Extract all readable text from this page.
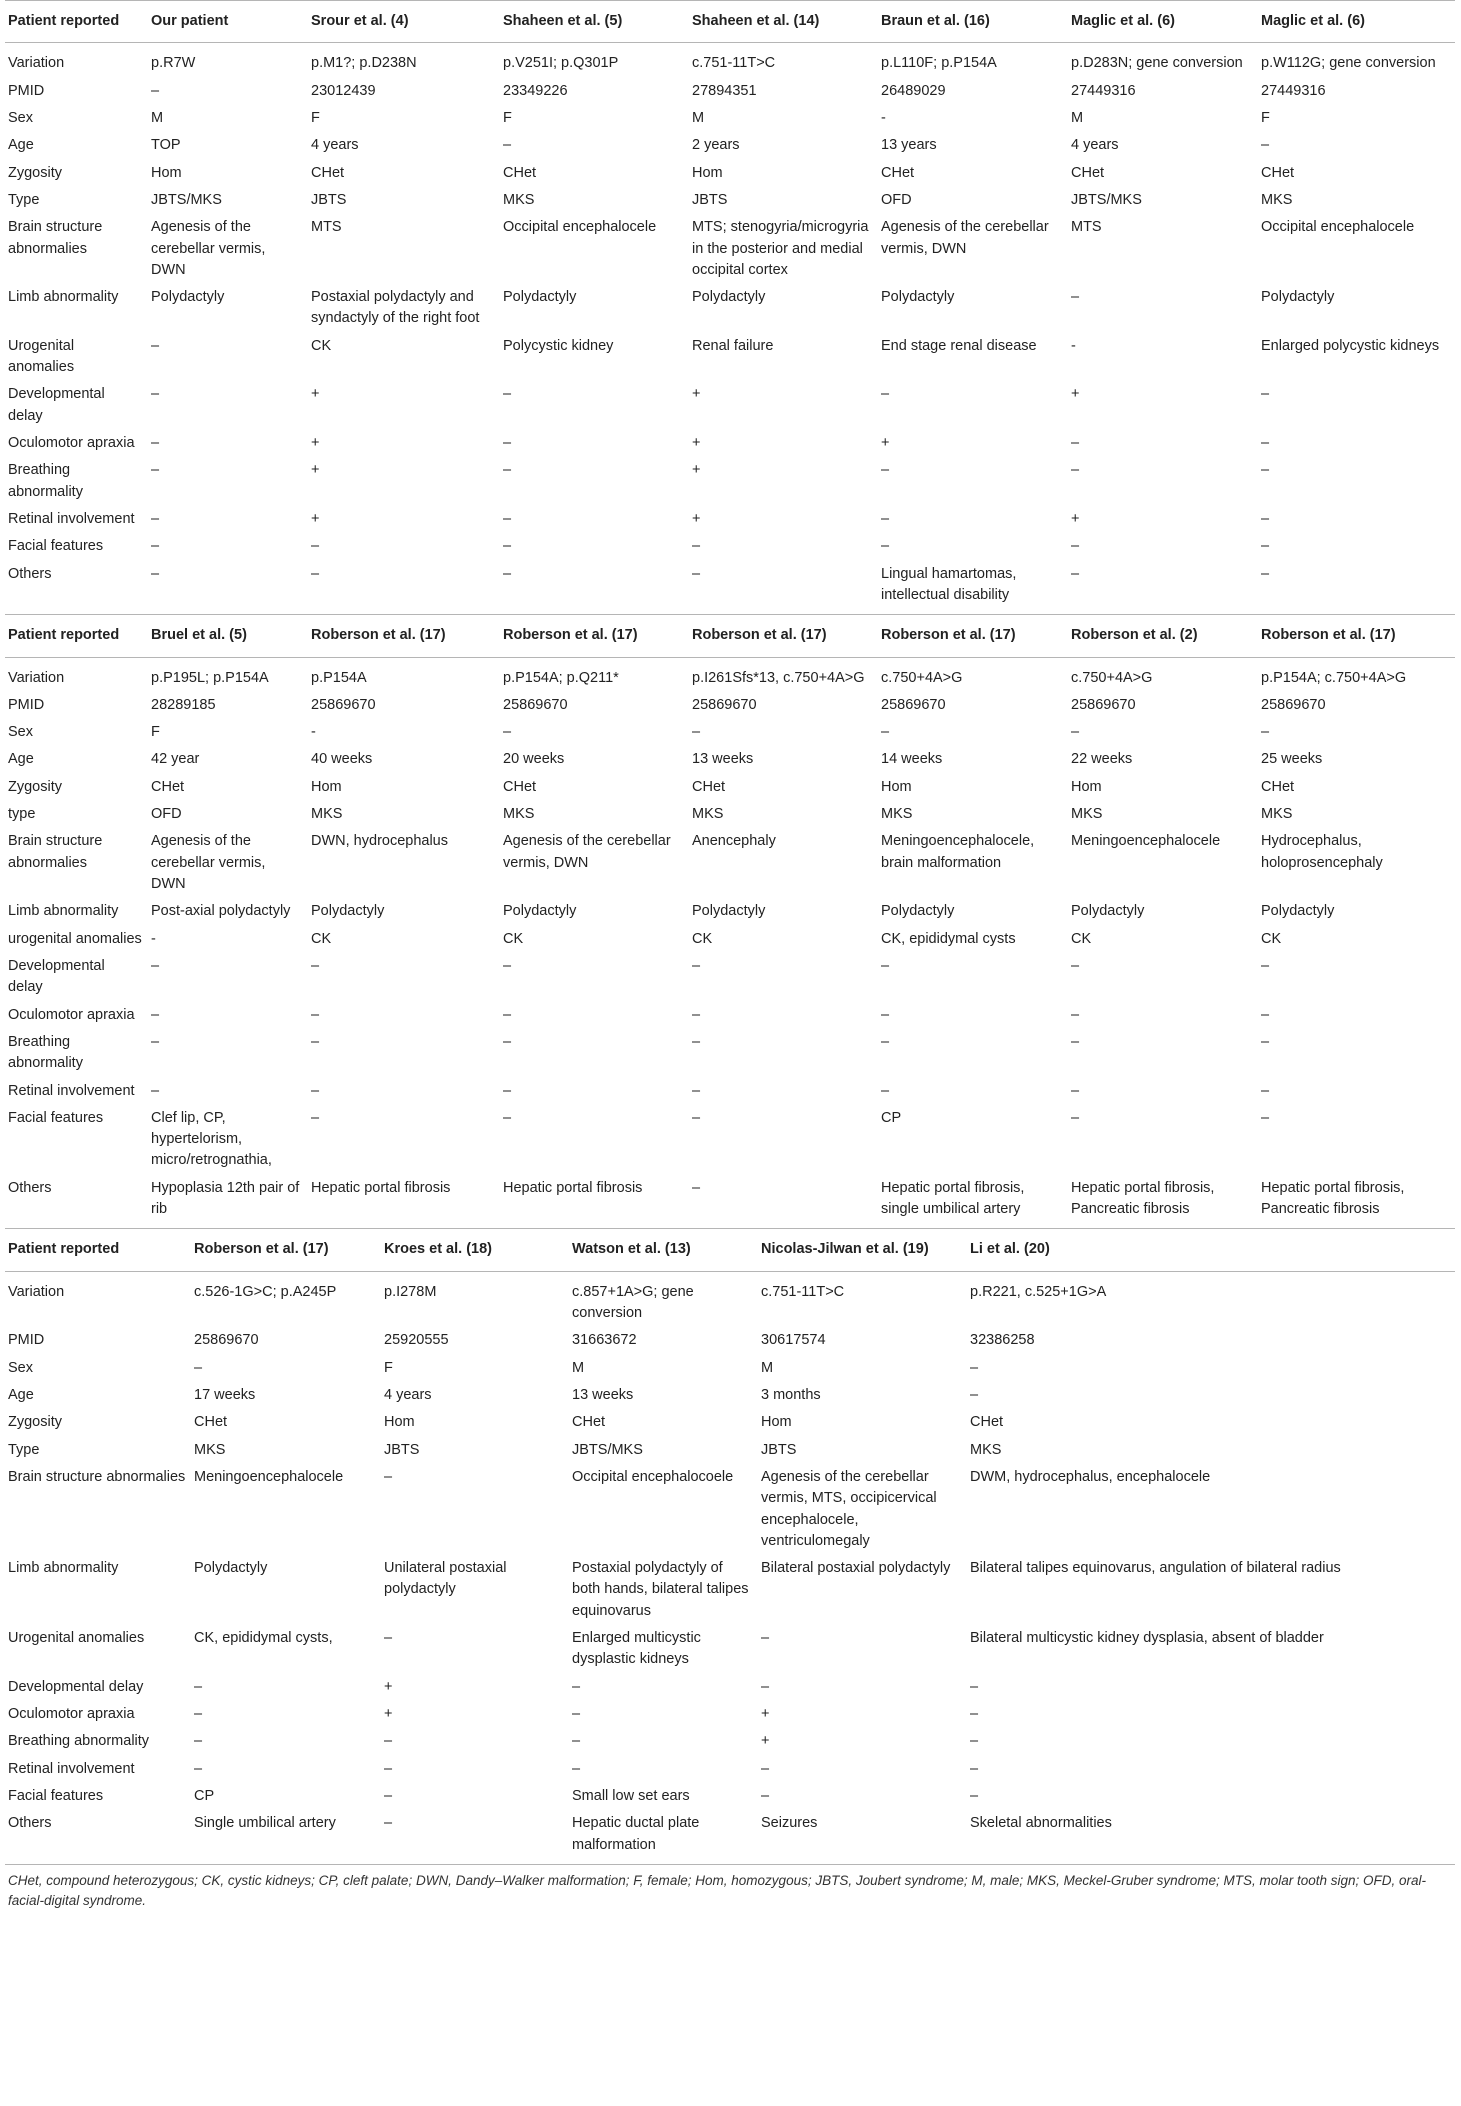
Patient reported	Our patient	Srour et al. (4)	Shaheen et al. (5)	Shaheen et al. (14)	Braun et al. (16)	Maglic et al. (6)	Maglic et al. (6)
Variation	p.R7W	p.M1?; p.D238N	p.V251I; p.Q301P	c.751-11T>C	p.L110F; p.P154A	p.D283N; gene conversion	p.W112G; gene conversion
PMID	–	23012439	23349226	27894351	26489029	27449316	27449316
Sex	M	F	F	M	-	M	F
Age	TOP	4 years	–	2 years	13 years	4 years	–
Zygosity	Hom	CHet	CHet	Hom	CHet	CHet	CHet
Type	JBTS/MKS	JBTS	MKS	JBTS	OFD	JBTS/MKS	MKS
Brain structure abnormalies	Agenesis of the cerebellar vermis, DWN	MTS	Occipital encephalocele	MTS; stenogyria/microgyria in the posterior and medial occipital cortex	Agenesis of the cerebellar vermis, DWN	MTS	Occipital encephalocele
Limb abnormality	Polydactyly	Postaxial polydactyly and syndactyly of the right foot	Polydactyly	Polydactyly	Polydactyly	–	Polydactyly
Urogenital anomalies	–	CK	Polycystic kidney	Renal failure	End stage renal disease	-	Enlarged polycystic kidneys
Developmental delay	–	+	–	+	–	+	–
Oculomotor apraxia	–	+	–	+	+	–	–
Breathing abnormality	–	+	–	+	–	–	–
Retinal involvement	–	+	–	+	–	+	–
Facial features	–	–	–	–	–	–	–
Others	–	–	–	–	Lingual hamartomas, intellectual disability	–	–
Patient reported	Bruel et al. (5)	Roberson et al. (17)	Roberson et al. (17)	Roberson et al. (17)	Roberson et al. (17)	Roberson et al. (2)	Roberson et al. (17)
Variation	p.P195L; p.P154A	p.P154A	p.P154A; p.Q211*	p.I261Sfs*13, c.750+4A>G	c.750+4A>G	c.750+4A>G	p.P154A; c.750+4A>G
PMID	28289185	25869670	25869670	25869670	25869670	25869670	25869670
Sex	F	-	–	–	–	–	–
Age	42 year	40 weeks	20 weeks	13 weeks	14 weeks	22 weeks	25 weeks
Zygosity	CHet	Hom	CHet	CHet	Hom	Hom	CHet
type	OFD	MKS	MKS	MKS	MKS	MKS	MKS
Brain structure abnormalies	Agenesis of the cerebellar vermis, DWN	DWN, hydrocephalus	Agenesis of the cerebellar vermis, DWN	Anencephaly	Meningoencephalocele, brain malformation	Meningoencephalocele	Hydrocephalus, holoprosencephaly
Limb abnormality	Post-axial polydactyly	Polydactyly	Polydactyly	Polydactyly	Polydactyly	Polydactyly	Polydactyly
urogenital anomalies	-	CK	CK	CK	CK, epididymal cysts	CK	CK
Developmental delay	–	–	–	–	–	–	–
Oculomotor apraxia	–	–	–	–	–	–	–
Breathing abnormality	–	–	–	–	–	–	–
Retinal involvement	–	–	–	–	–	–	–
Facial features	Clef lip, CP, hypertelorism, micro/retrognathia,	–	–	–	CP	–	–
Others	Hypoplasia 12th pair of rib	Hepatic portal fibrosis	Hepatic portal fibrosis	–	Hepatic portal fibrosis, single umbilical artery	Hepatic portal fibrosis, Pancreatic fibrosis	Hepatic portal fibrosis, Pancreatic fibrosis
Patient reported	Roberson et al. (17)	Kroes et al. (18)	Watson et al. (13)	Nicolas-Jilwan et al. (19)	Li et al. (20)
Variation	c.526-1G>C; p.A245P	p.I278M	c.857+1A>G; gene conversion	c.751-11T>C	p.R221, c.525+1G>A
PMID	25869670	25920555	31663672	30617574	32386258
Sex	–	F	M	M	–
Age	17 weeks	4 years	13 weeks	3 months	–
Zygosity	CHet	Hom	CHet	Hom	CHet
Type	MKS	JBTS	JBTS/MKS	JBTS	MKS
Brain structure abnormalies	Meningoencephalocele	–	Occipital encephalocoele	Agenesis of the cerebellar vermis, MTS, occipicervical encephalocele, ventriculomegaly	DWM, hydrocephalus, encephalocele
Limb abnormality	Polydactyly	Unilateral postaxial polydactyly	Postaxial polydactyly of both hands, bilateral talipes equinovarus	Bilateral postaxial polydactyly	Bilateral talipes equinovarus, angulation of bilateral radius
Urogenital anomalies	CK, epididymal cysts,	–	Enlarged multicystic dysplastic kidneys	–	Bilateral multicystic kidney dysplasia, absent of bladder
Developmental delay	–	+	–	–	–
Oculomotor apraxia	–	+	–	+	–
Breathing abnormality	–	–	–	+	–
Retinal involvement	–	–	–	–	–
Facial features	CP	–	Small low set ears	–	–
Others	Single umbilical artery	–	Hepatic ductal plate malformation	Seizures	Skeletal abnormalities
CHet, compound heterozygous; CK, cystic kidneys; CP, cleft palate; DWN, Dandy–Walker malformation; F, female; Hom, homozygous; JBTS, Joubert syndrome; M, male; MKS, Meckel-Gruber syndrome; MTS, molar tooth sign; OFD, oral-facial-digital syndrome.
